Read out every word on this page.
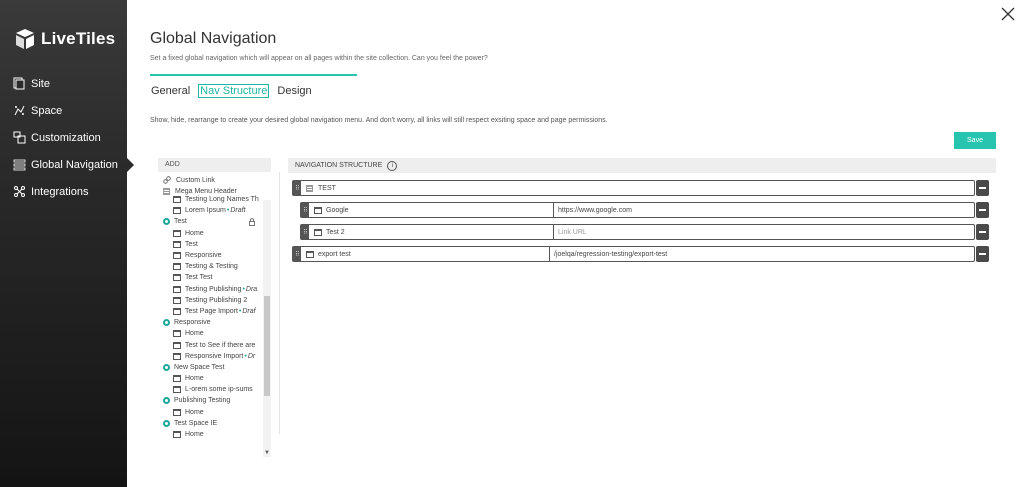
LiveTiles
Site
Space
Customization
Global Navigation
Integrations
Global Navigation
Set a fixed global navigation which will appear on all pages within the site collection. Can you feel the power?
General Nav Structure Design
Show, hide, rearrange to create your desired global navigation menu. And don't worry, all links will still respect exsiting space and page permissions.
Save
ADD
Custom Link
Mega Menu Header
Testing Long Names Th
Lorem Ipsum • Draft
Test
Home
Test
Responsive
Testing & Testing
Test Test
Testing Publishing • Dra
Testing Publishing 2
Test Page Import • Draf
Responsive
Home
Test to See if there are
Responsive Import • Dr
New Space Test
Home
L-orem some ip-sums
Publishing Testing
Home
Test Space IE
Home
▼
NAVIGATION STRUCTURE	i
⠿	TEST
⠿	Google	https://www.google.com
⠿	Test 2	Link URL
⠿	export test	/joelqa/regression-testing/export-test
